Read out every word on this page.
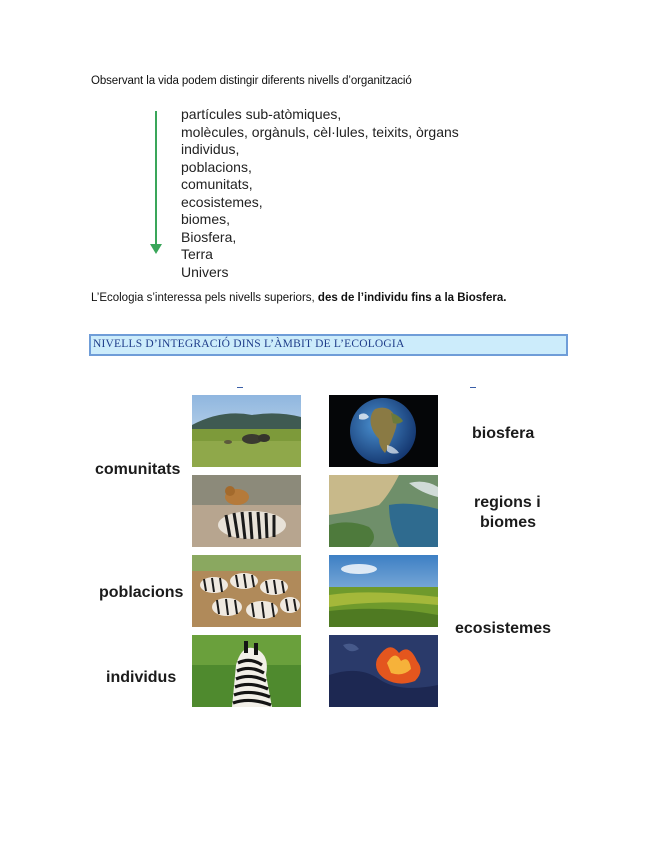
Observant la vida podem distingir diferents nivells d’organització
partícules sub-atòmiques,
molècules, orgànuls, cèl·lules, teixits, òrgans
individus,
poblacions,
comunitats,
ecosistemes,
biomes,
Biosfera,
Terra
Univers
L’Ecologia s’interessa pels nivells superiors, des de l’individu fins a la Biosfera.
NIVELLS D’INTEGRACIÓ DINS L’ÀMBIT DE L’ECOLOGIA
comunitats
poblacions
individus
biosfera
regions i
biomes
ecosistemes
